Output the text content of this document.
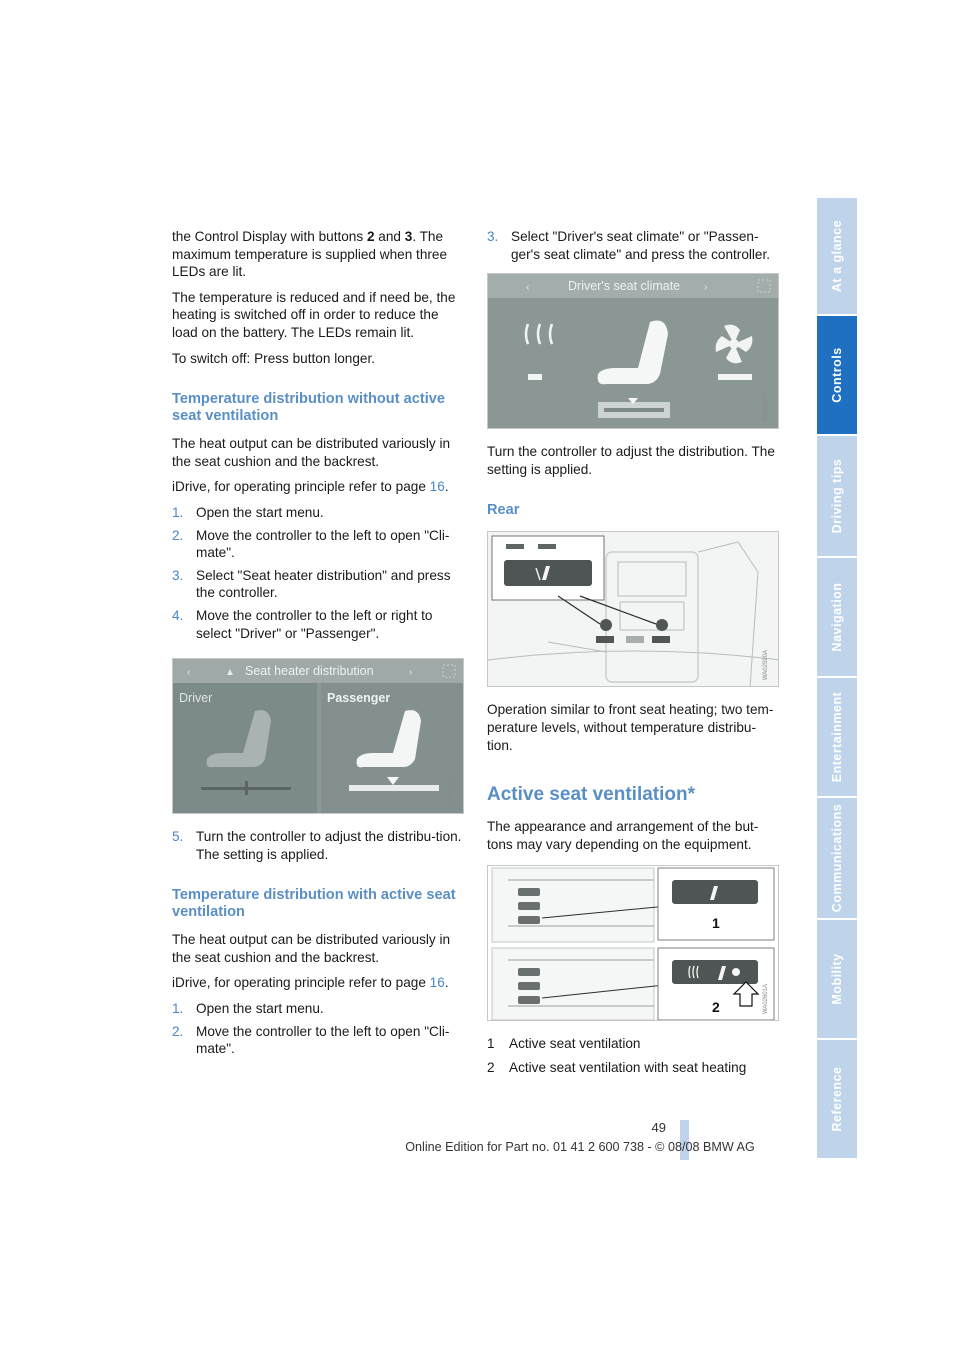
the Control Display with buttons 2 and 3. The maximum temperature is supplied when three LEDs are lit.

The temperature is reduced and if need be, the heating is switched off in order to reduce the load on the battery. The LEDs remain lit.

To switch off: Press button longer.

Temperature distribution without active seat ventilation

The heat output can be distributed variously in the seat cushion and the backrest.

iDrive, for operating principle refer to page 16.

1. Open the start menu.
2. Move the controller to the left to open "Cli-mate".
3. Select "Seat heater distribution" and press the controller.
4. Move the controller to the left or right to select "Driver" or "Passenger".
‹	▲ Seat heater distribution	›
Driver	Passenger
VW01252S
5. Turn the controller to adjust the distribu-tion.
The setting is applied.
Temperature distribution with active seat ventilation

The heat output can be distributed variously in the seat cushion and the backrest.

iDrive, for operating principle refer to page 16.

1. Open the start menu.
2. Move the controller to the left to open "Cli-mate".
3. Select "Driver's seat climate" or "Passen-ger's seat climate" and press the controller.
‹	Driver's seat climate ›
WA02297A

Turn the controller to adjust the distribution. The setting is applied.

Rear
WA02590A

Operation similar to front seat heating; two tem-perature levels, without temperature distribu-tion.

Active seat ventilation*

The appearance and arrangement of the but-tons may vary depending on the equipment.

1
2	WA02601A
1 Active seat ventilation
2 Active seat ventilation with seat heating
At a glance
Controls
Driving tips
Navigation
Entertainment
Communications
Mobility
Reference
49
Online Edition for Part no. 01 41 2 600 738 - © 08/08 BMW AG
